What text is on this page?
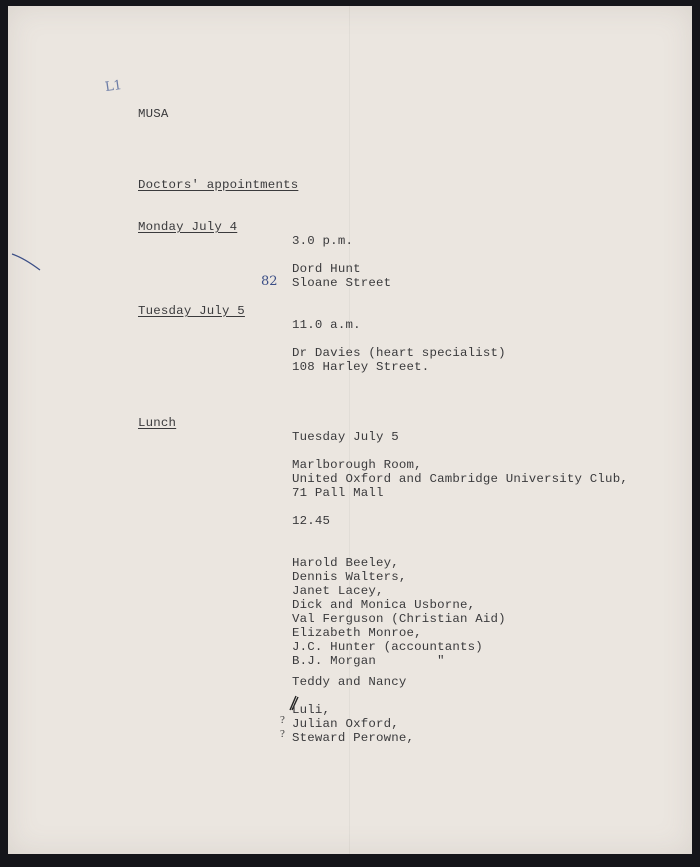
L1
MUSA
Doctors' appointments
Monday July 4
3.0 p.m.
Dord Hunt
82 Sloane Street
Tuesday July 5
11.0 a.m.
Dr Davies (heart specialist)
108 Harley Street.
Lunch
Tuesday July 5
Marlborough Room,
United Oxford and Cambridge University Club,
71 Pall Mall
12.45
Harold Beeley,
Dennis Walters,
Janet Lacey,
Dick and Monica Usborne,
Val Ferguson (Christian Aid)
Elizabeth Monroe,
J.C. Hunter (accountants)
B.J. Morgan        "
Teddy and Nancy
Luli,
? Julian Oxford,
? Steward Perowne,
